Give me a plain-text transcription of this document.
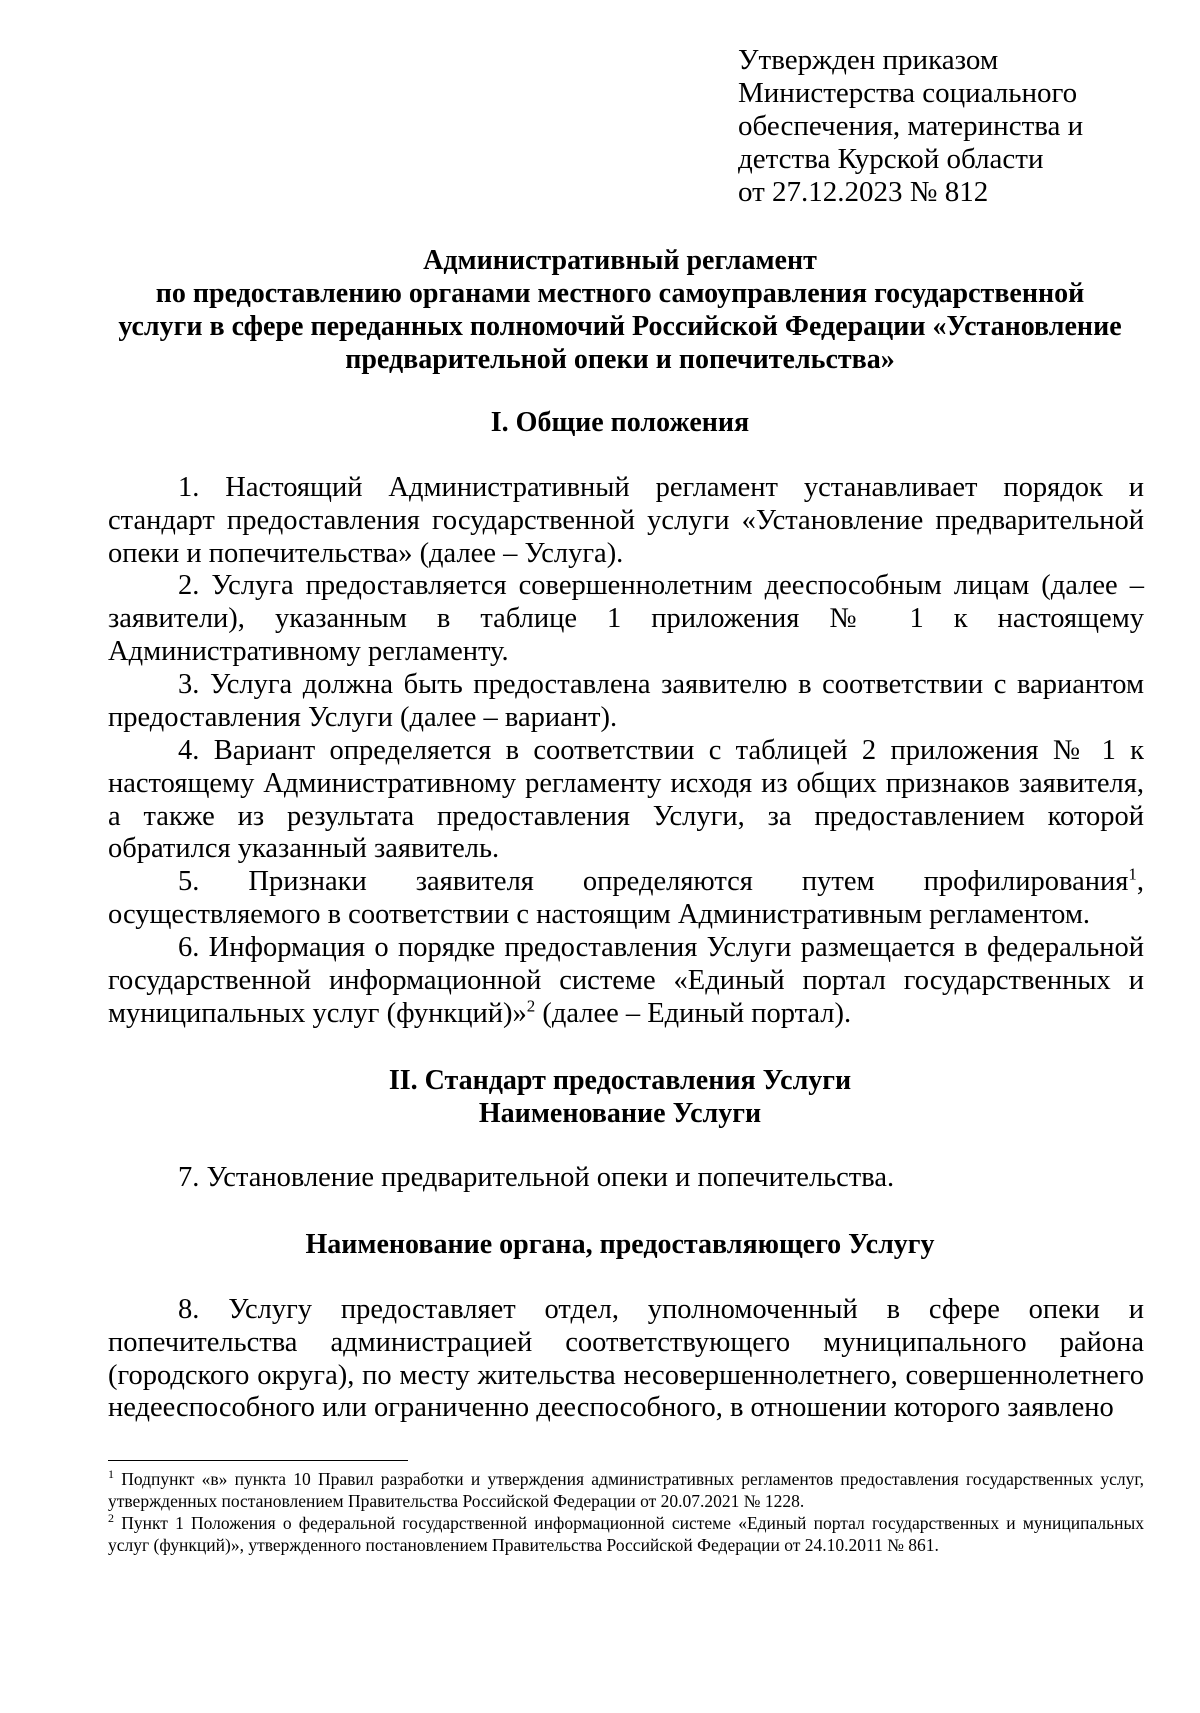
Утвержден приказом
Министерства социального
обеспечения, материнства и
детства Курской области
от 27.12.2023 № 812
Административный регламент
по предоставлению органами местного самоуправления государственной
услуги в сфере переданных полномочий Российской Федерации «Установление
предварительной опеки и попечительства»
I. Общие положения
1. Настоящий Административный регламент устанавливает порядок и стандарт предоставления государственной услуги «Установление предварительной опеки и попечительства» (далее – Услуга).
2. Услуга предоставляется совершеннолетним дееспособным лицам (далее – заявители), указанным в таблице 1 приложения № 1 к настоящему Административному регламенту.
3. Услуга должна быть предоставлена заявителю в соответствии с вариантом предоставления Услуги (далее – вариант).
4. Вариант определяется в соответствии с таблицей 2 приложения № 1 к настоящему Административному регламенту исходя из общих признаков заявителя, а также из результата предоставления Услуги, за предоставлением которой обратился указанный заявитель.
5. Признаки заявителя определяются путем профилирования$^1$, осуществляемого в соответствии с настоящим Административным регламентом.
6. Информация о порядке предоставления Услуги размещается в федеральной государственной информационной системе «Единый портал государственных и муниципальных услуг (функций)»$^2$ (далее – Единый портал).
II. Стандарт предоставления Услуги
Наименование Услуги
7. Установление предварительной опеки и попечительства.
Наименование органа, предоставляющего Услугу
8. Услугу предоставляет отдел, уполномоченный в сфере опеки и попечительства администрацией соответствующего муниципального района (городского округа), по месту жительства несовершеннолетнего, совершеннолетнего недееспособного или ограниченно дееспособного, в отношении которого заявлено

$^1$ Подпункт «в» пункта 10 Правил разработки и утверждения административных регламентов предоставления государственных услуг, утвержденных постановлением Правительства Российской Федерации от 20.07.2021 № 1228.

$^2$ Пункт 1 Положения о федеральной государственной информационной системе «Единый портал государственных и муниципальных услуг (функций)», утвержденного постановлением Правительства Российской Федерации от 24.10.2011 № 861.
